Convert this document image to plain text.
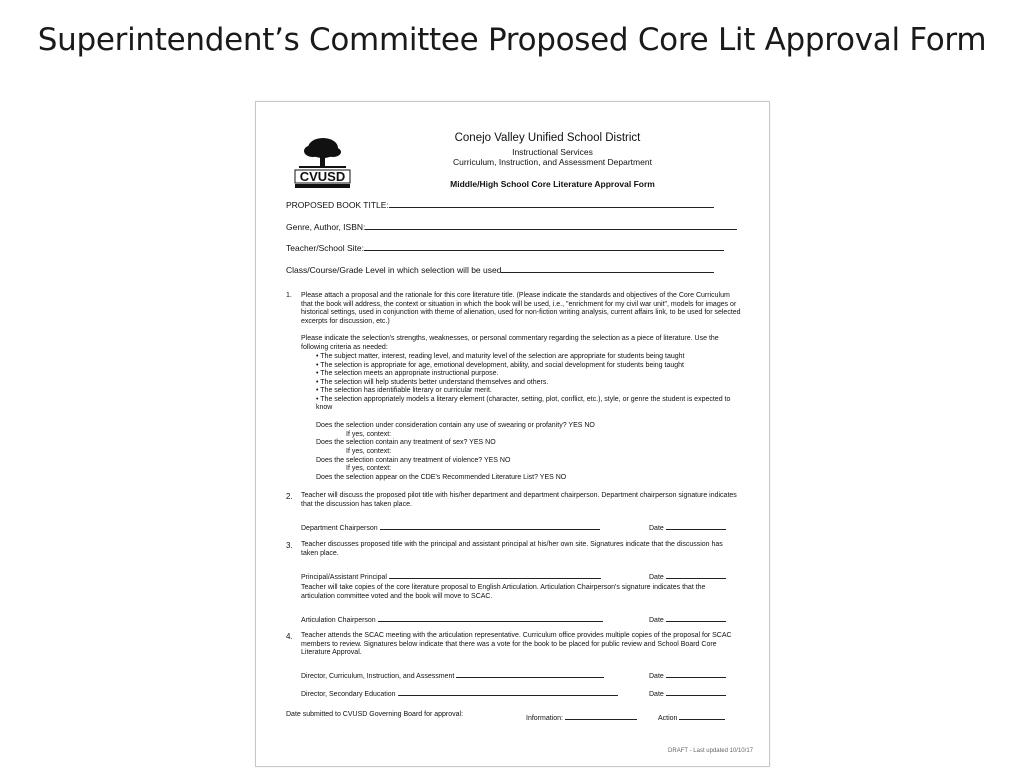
Superintendent’s Committee Proposed Core Lit Approval Form
CVUSD
Conejo Valley Unified School District
Instructional Services
Curriculum, Instruction, and Assessment Department
Middle/High School Core Literature Approval Form
PROPOSED BOOK TITLE:
Genre, Author, ISBN:
Teacher/School Site:
Class/Course/Grade Level in which selection will be used
1. Please attach a proposal and the rationale for this core literature title. (Please indicate the standards and objectives of the Core Curriculum that the book will address, the context or situation in which the book will be used, i.e., "enrichment for my civil war unit", models for images or historical settings, used in conjunction with theme of alienation, used for non-fiction writing analysis, current affairs link, to be used for selected excerpts for discussion, etc.)
Please indicate the selection's strengths, weaknesses, or personal commentary regarding the selection as a piece of literature. Use the following criteria as needed:
• The subject matter, interest, reading level, and maturity level of the selection are appropriate for students being taught
• The selection is appropriate for age, emotional development, ability, and social development for students being taught
• The selection meets an appropriate instructional purpose.
• The selection will help students better understand themselves and others.
• The selection has identifiable literary or curricular merit.
• The selection appropriately models a literary element (character, setting, plot, conflict, etc.), style, or genre the student is expected to know
Does the selection under consideration contain any use of swearing or profanity? YES NO
If yes, context:
Does the selection contain any treatment of sex? YES NO
If yes, context:
Does the selection contain any treatment of violence? YES NO
If yes, context:
Does the selection appear on the CDE's Recommended Literature List? YES NO
2. Teacher will discuss the proposed pilot title with his/her department and department chairperson. Department chairperson signature indicates that the discussion has taken place.
Department Chairperson	Date
3. Teacher discusses proposed title with the principal and assistant principal at his/her own site. Signatures indicate that the discussion has taken place.
Principal/Assistant Principal	Date
Teacher will take copies of the core literature proposal to English Articulation. Articulation Chairperson's signature indicates that the articulation committee voted and the book will move to SCAC.
Articulation Chairperson	Date
4. Teacher attends the SCAC meeting with the articulation representative. Curriculum office provides multiple copies of the proposal for SCAC members to review. Signatures below indicate that there was a vote for the book to be placed for public review and School Board Core Literature Approval.
Director, Curriculum, Instruction, and Assessment	Date
Director, Secondary Education	Date
Date submitted to CVUSD Governing Board for approval:
Information:	Action
DRAFT - Last updated 10/10/17
